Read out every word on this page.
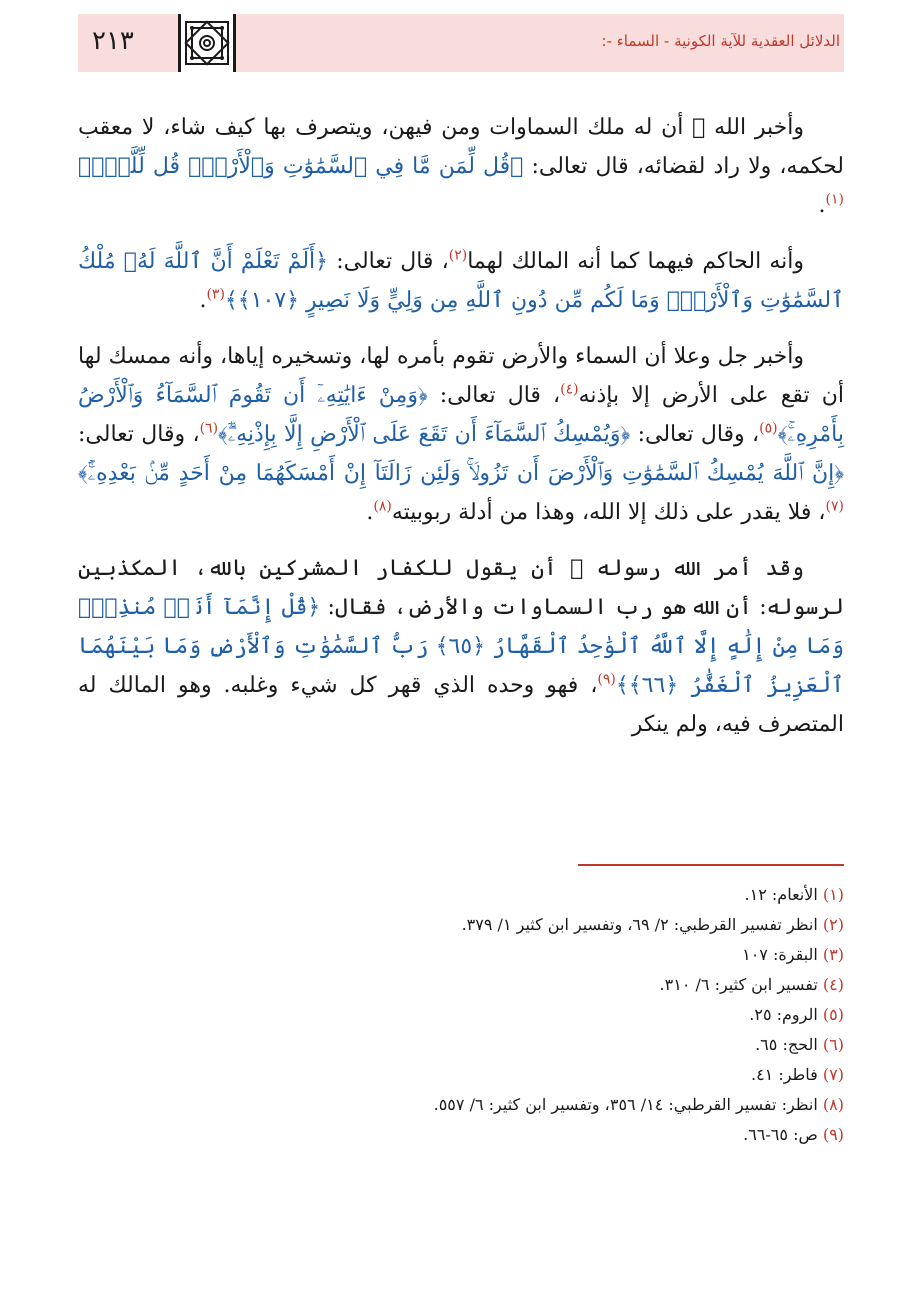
الدلائل العقدية للآية الكونية - السماء -:
٢١٣

وأخبر الله ﷻ أن له ملك السماوات ومن فيهن، ويتصرف بها كيف شاء، لا معقب لحكمه، ولا راد لقضائه، قال تعالى: ﴿قُل لِّمَن مَّا فِي ٱلسَّمَٰوَٰتِ وَٱلْأَرْضِۖ قُل لِّلَّهِۚ﴾$^{(١)}$.

وأنه الحاكم فيهما كما أنه المالك لهما$^{(٢)}$، قال تعالى: ﴿أَلَمْ تَعْلَمْ أَنَّ ٱللَّهَ لَهُۥ مُلْكُ ٱلسَّمَٰوَٰتِ وَٱلْأَرْضِۗ وَمَا لَكُم مِّن دُونِ ٱللَّهِ مِن وَلِيٍّ وَلَا نَصِيرٍ ﴿١٠٧﴾﴾$^{(٣)}$.

وأخبر جل وعلا أن السماء والأرض تقوم بأمره لها، وتسخيره إياها، وأنه ممسك لها أن تقع على الأرض إلا بإذنه$^{(٤)}$، قال تعالى: ﴿وَمِنْ ءَايَٰتِهِۦٓ أَن تَقُومَ ٱلسَّمَآءُ وَٱلْأَرْضُ بِأَمْرِهِۦۚ﴾$^{(٥)}$، وقال تعالى: ﴿وَيُمْسِكُ ٱلسَّمَآءَ أَن تَقَعَ عَلَى ٱلْأَرْضِ إِلَّا بِإِذْنِهِۦٓۗ﴾$^{(٦)}$، وقال تعالى: ﴿إِنَّ ٱللَّهَ يُمْسِكُ ٱلسَّمَٰوَٰتِ وَٱلْأَرْضَ أَن تَزُولَاۚ وَلَئِن زَالَتَآ إِنْ أَمْسَكَهُمَا مِنْ أَحَدٍ مِّنۢ بَعْدِهِۦٓۚ﴾$^{(٧)}$، فلا يقدر على ذلك إلا الله، وهذا من أدلة ربوبيته$^{(٨)}$.

وقد أمر الله رسوله ﷺ أن يقول للكفار المشركين بالله، المكذبين لرسوله: أن الله هو رب السماوات والأرض، فقال: ﴿قُلْ إِنَّمَآ أَنَا۠ مُنذِرٌۖ وَمَا مِنْ إِلَٰهٍ إِلَّا ٱللَّهُ ٱلْوَٰحِدُ ٱلْقَهَّارُ ﴿٦٥﴾ رَبُّ ٱلسَّمَٰوَٰتِ وَٱلْأَرْضِ وَمَا بَيْنَهُمَا ٱلْعَزِيزُ ٱلْغَفَّٰرُ ﴿٦٦﴾﴾$^{(٩)}$، فهو وحده الذي قهر كل شيء وغلبه. وهو المالك له المتصرف فيه، ولم ينكر

(١) الأنعام: ١٢.
(٢) انظر تفسير القرطبي: ٢/ ٦٩، وتفسير ابن كثير ١/ ٣٧٩.
(٣) البقرة: ١٠٧
(٤) تفسير ابن كثير: ٦/ ٣١٠.
(٥) الروم: ٢٥.
(٦) الحج: ٦٥.
(٧) فاطر: ٤١.
(٨) انظر: تفسير القرطبي: ١٤/ ٣٥٦، وتفسير ابن كثير: ٦/ ٥٥٧.
(٩) ص: ٦٥-٦٦.
